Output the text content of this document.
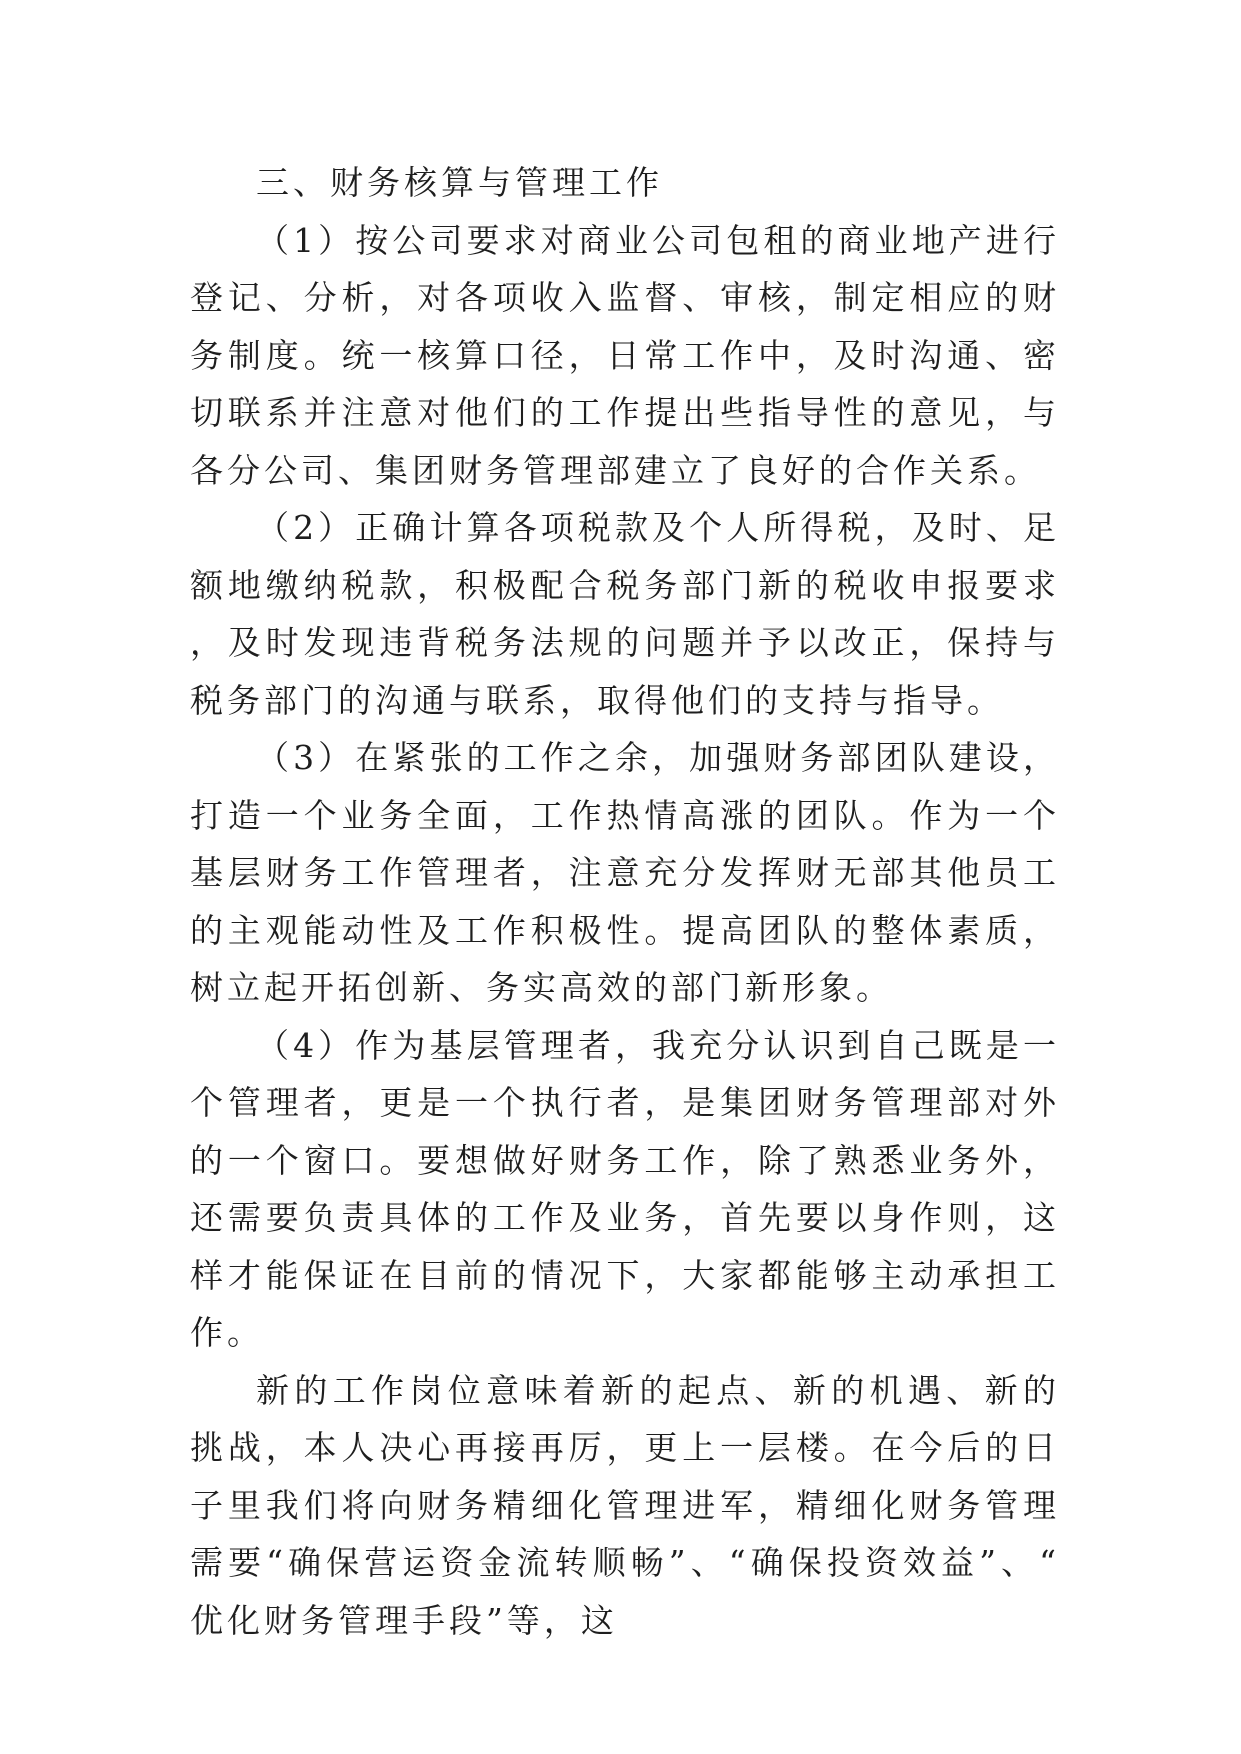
三、财务核算与管理工作

（1）按公司要求对商业公司包租的商业地产进行登记、分析，对各项收入监督、审核，制定相应的财务制度。统一核算口径，日常工作中，及时沟通、密切联系并注意对他们的工作提出些指导性的意见，与各分公司、集团财务管理部建立了良好的合作关系。

（2）正确计算各项税款及个人所得税，及时、足额地缴纳税款，积极配合税务部门新的税收申报要求，及时发现违背税务法规的问题并予以改正，保持与税务部门的沟通与联系，取得他们的支持与指导。

（3）在紧张的工作之余，加强财务部团队建设，打造一个业务全面，工作热情高涨的团队。作为一个基层财务工作管理者，注意充分发挥财无部其他员工的主观能动性及工作积极性。提高团队的整体素质，树立起开拓创新、务实高效的部门新形象。

（4）作为基层管理者，我充分认识到自己既是一个管理者，更是一个执行者，是集团财务管理部对外的一个窗口。要想做好财务工作，除了熟悉业务外，还需要负责具体的工作及业务，首先要以身作则，这样才能保证在目前的情况下，大家都能够主动承担工作。

新的工作岗位意味着新的起点、新的机遇、新的挑战，本人决心再接再厉，更上一层楼。在今后的日子里我们将向财务精细化管理进军，精细化财务管理需要“确保营运资金流转顺畅”、“确保投资效益”、“优化财务管理手段”等，这
